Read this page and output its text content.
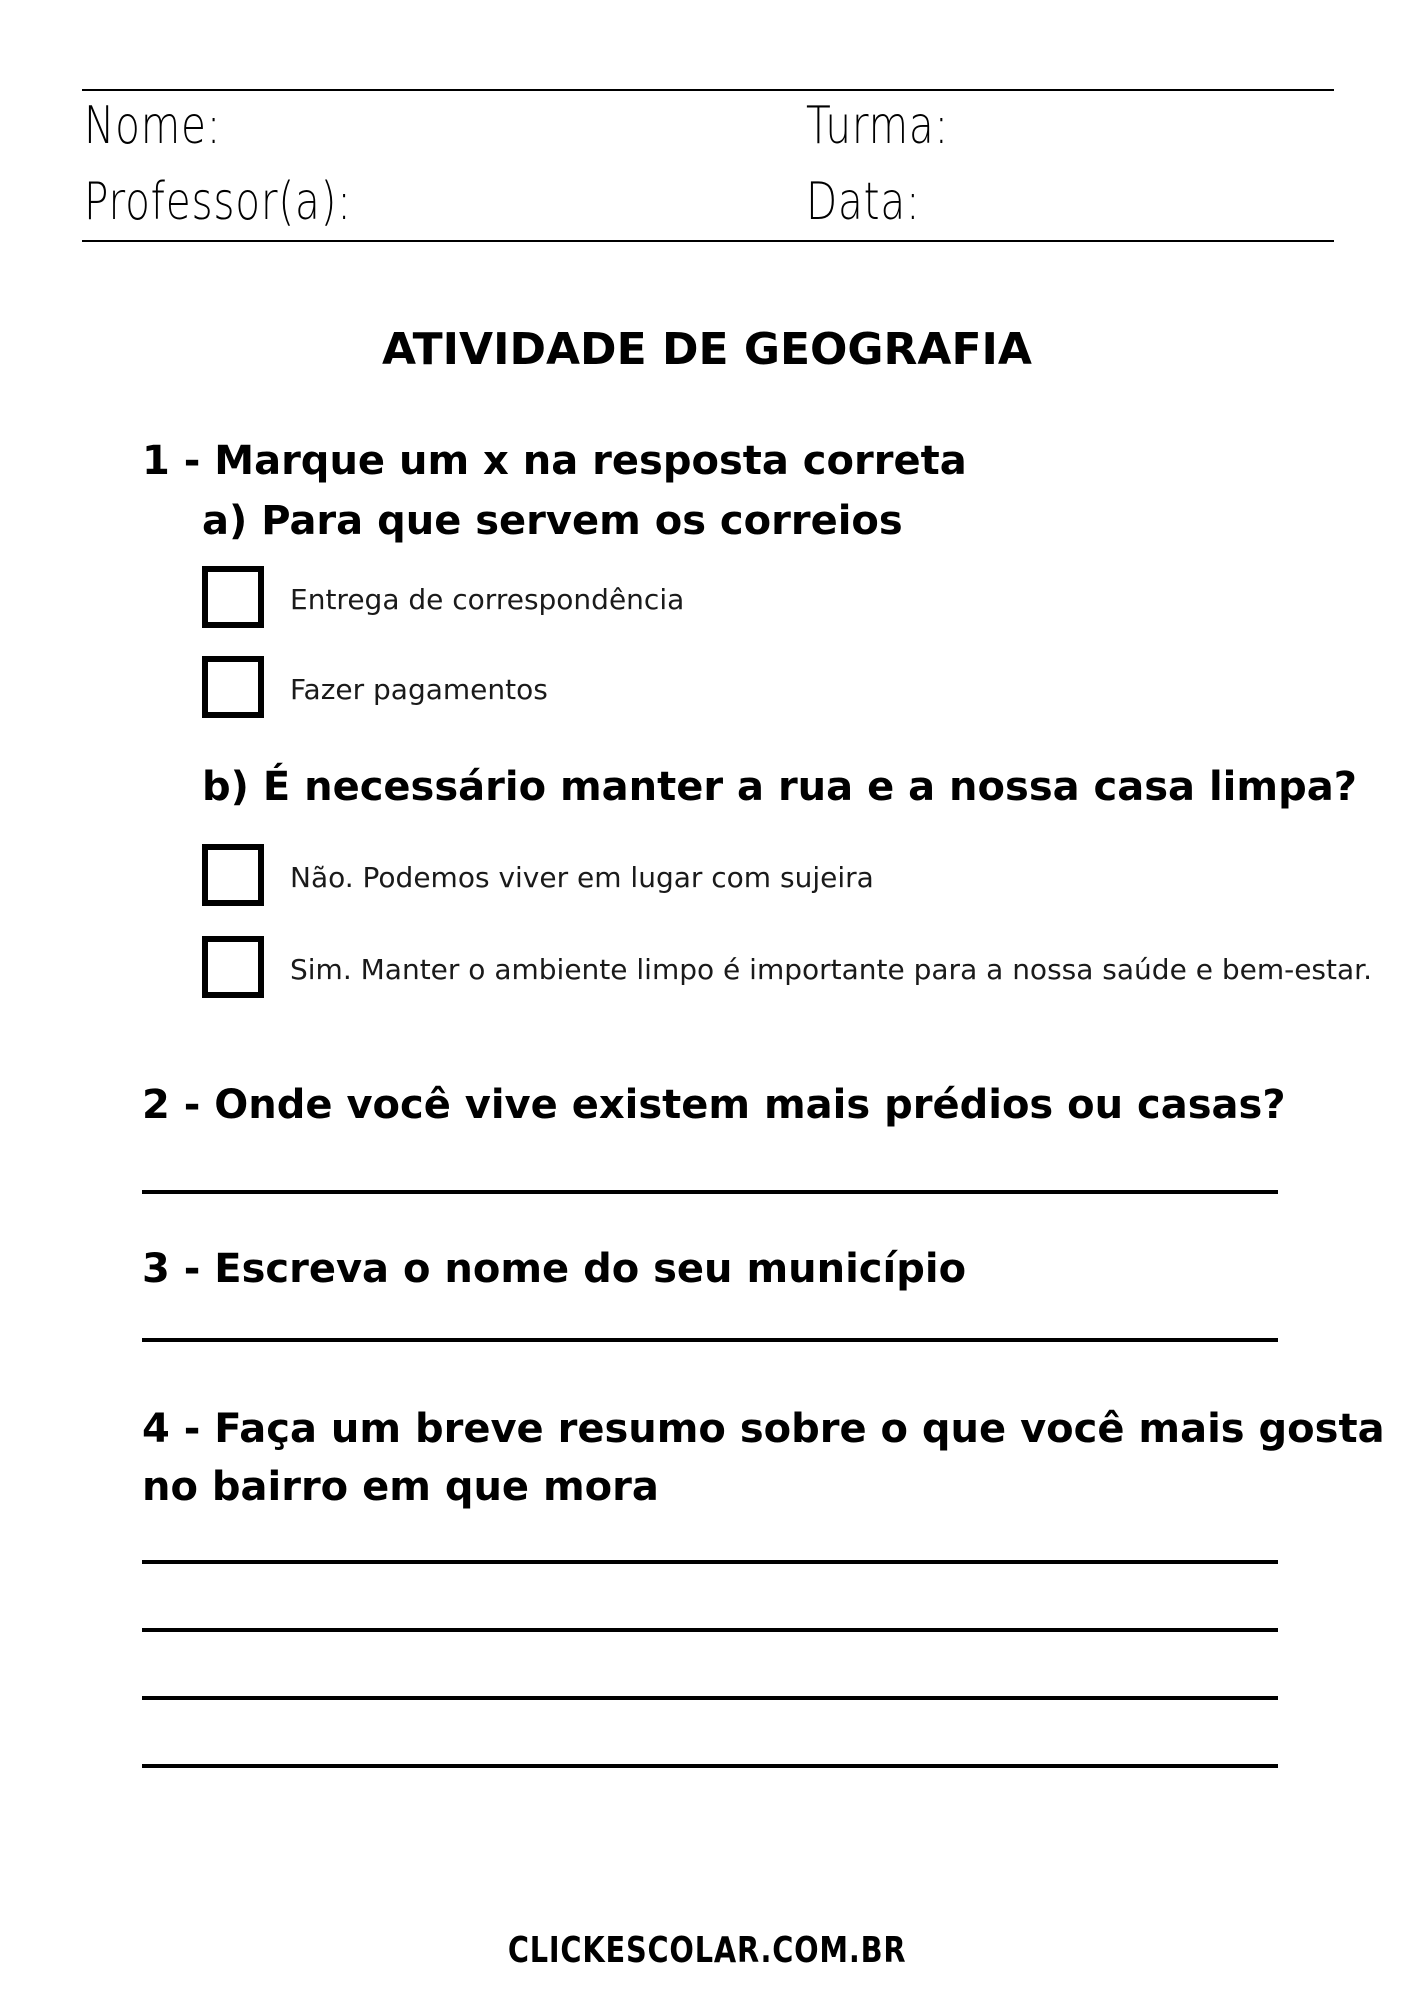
Nome:	Turma:
Professor(a):	Data:
ATIVIDADE DE GEOGRAFIA
1 - Marque um x na resposta correta
a) Para que servem os correios
Entrega de correspondência
Fazer pagamentos
b) É necessário manter a rua e a nossa casa limpa?
Não. Podemos viver em lugar com sujeira
Sim. Manter o ambiente limpo é importante para a nossa saúde e bem-estar.
2 - Onde você vive existem mais prédios ou casas?
3 - Escreva o nome do seu município
4 - Faça um breve resumo sobre o que você mais gosta
no bairro em que mora
CLICKESCOLAR.COM.BR
